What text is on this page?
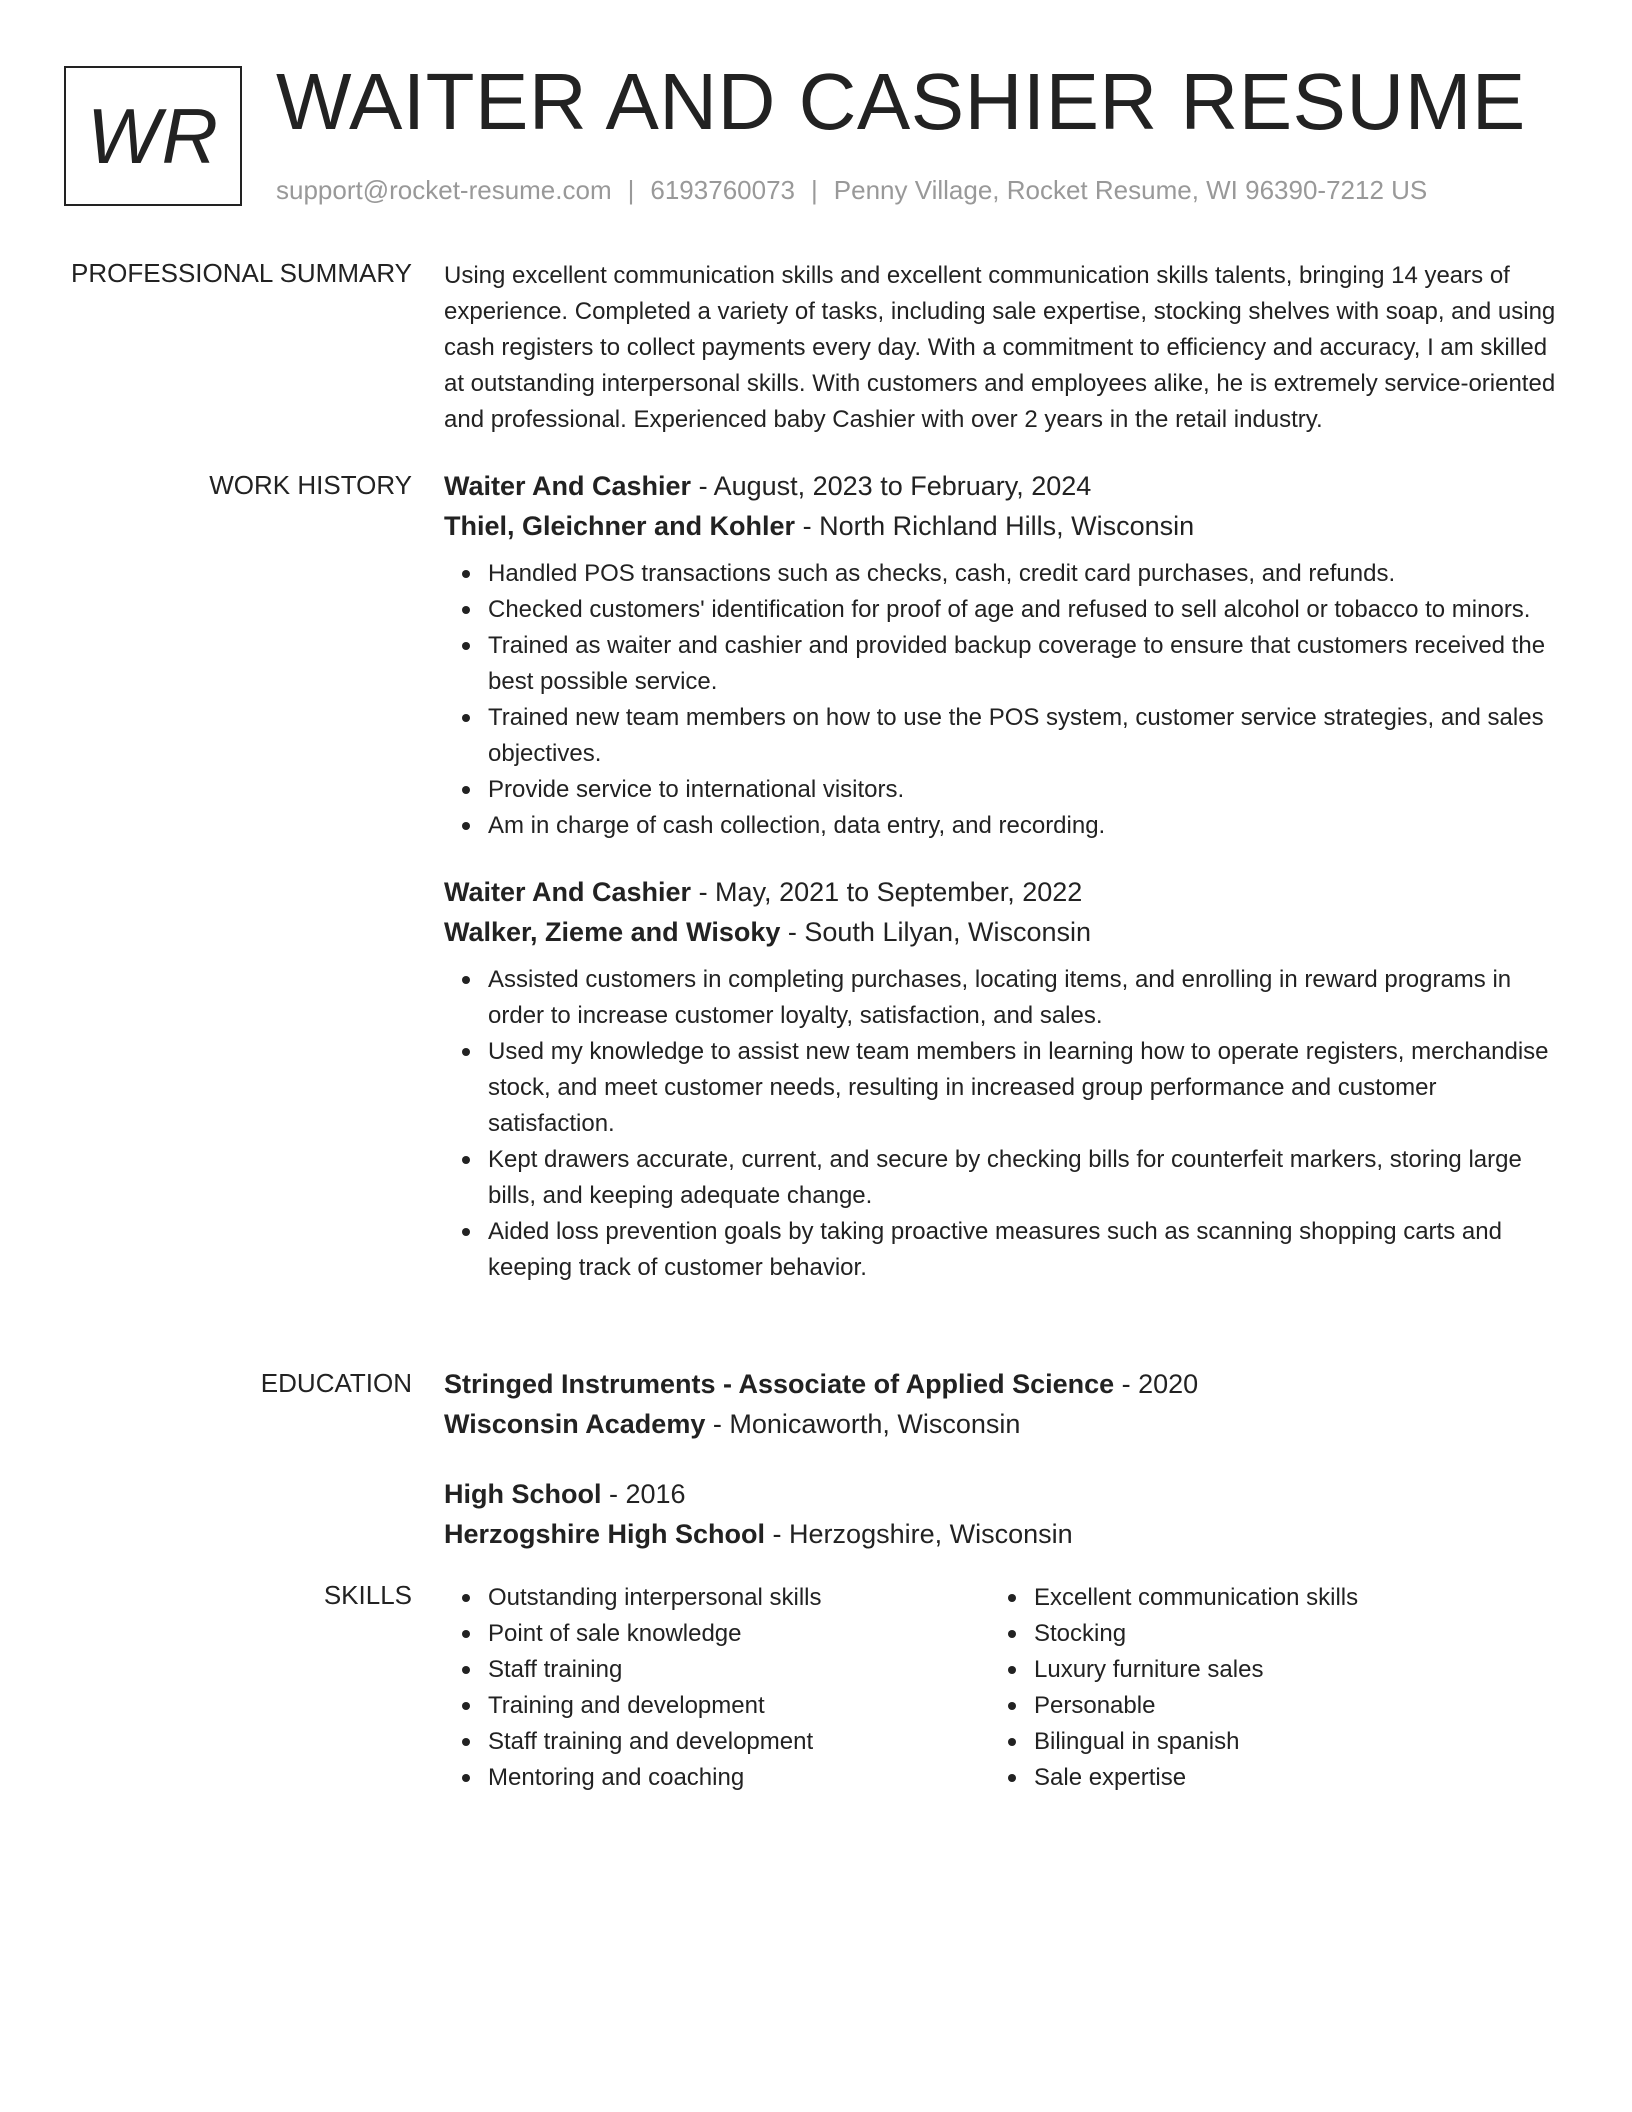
WR WAITER AND CASHIER RESUME
support@rocket-resume.com | 6193760073 | Penny Village, Rocket Resume, WI 96390-7212 US
PROFESSIONAL SUMMARY Using excellent communication skills and excellent communication skills talents, bringing 14 years of experience. Completed a variety of tasks, including sale expertise, stocking shelves with soap, and using cash registers to collect payments every day. With a commitment to efficiency and accuracy, I am skilled at outstanding interpersonal skills. With customers and employees alike, he is extremely service-oriented and professional. Experienced baby Cashier with over 2 years in the retail industry.
WORK HISTORY Waiter And Cashier - August, 2023 to February, 2024
Thiel, Gleichner and Kohler - North Richland Hills, Wisconsin
Handled POS transactions such as checks, cash, credit card purchases, and refunds.
Checked customers' identification for proof of age and refused to sell alcohol or tobacco to minors.
Trained as waiter and cashier and provided backup coverage to ensure that customers received the best possible service.
Trained new team members on how to use the POS system, customer service strategies, and sales objectives.
Provide service to international visitors.
Am in charge of cash collection, data entry, and recording.
Waiter And Cashier - May, 2021 to September, 2022
Walker, Zieme and Wisoky - South Lilyan, Wisconsin
Assisted customers in completing purchases, locating items, and enrolling in reward programs in order to increase customer loyalty, satisfaction, and sales.
Used my knowledge to assist new team members in learning how to operate registers, merchandise stock, and meet customer needs, resulting in increased group performance and customer satisfaction.
Kept drawers accurate, current, and secure by checking bills for counterfeit markers, storing large bills, and keeping adequate change.
Aided loss prevention goals by taking proactive measures such as scanning shopping carts and keeping track of customer behavior.
EDUCATION Stringed Instruments - Associate of Applied Science - 2020
Wisconsin Academy - Monicaworth, Wisconsin
High School - 2016
Herzogshire High School - Herzogshire, Wisconsin
SKILLS	Outstanding interpersonal skills
Point of sale knowledge
Staff training
Training and development
Staff training and development
Mentoring and coaching
Excellent communication skills
Stocking
Luxury furniture sales
Personable
Bilingual in spanish
Sale expertise
